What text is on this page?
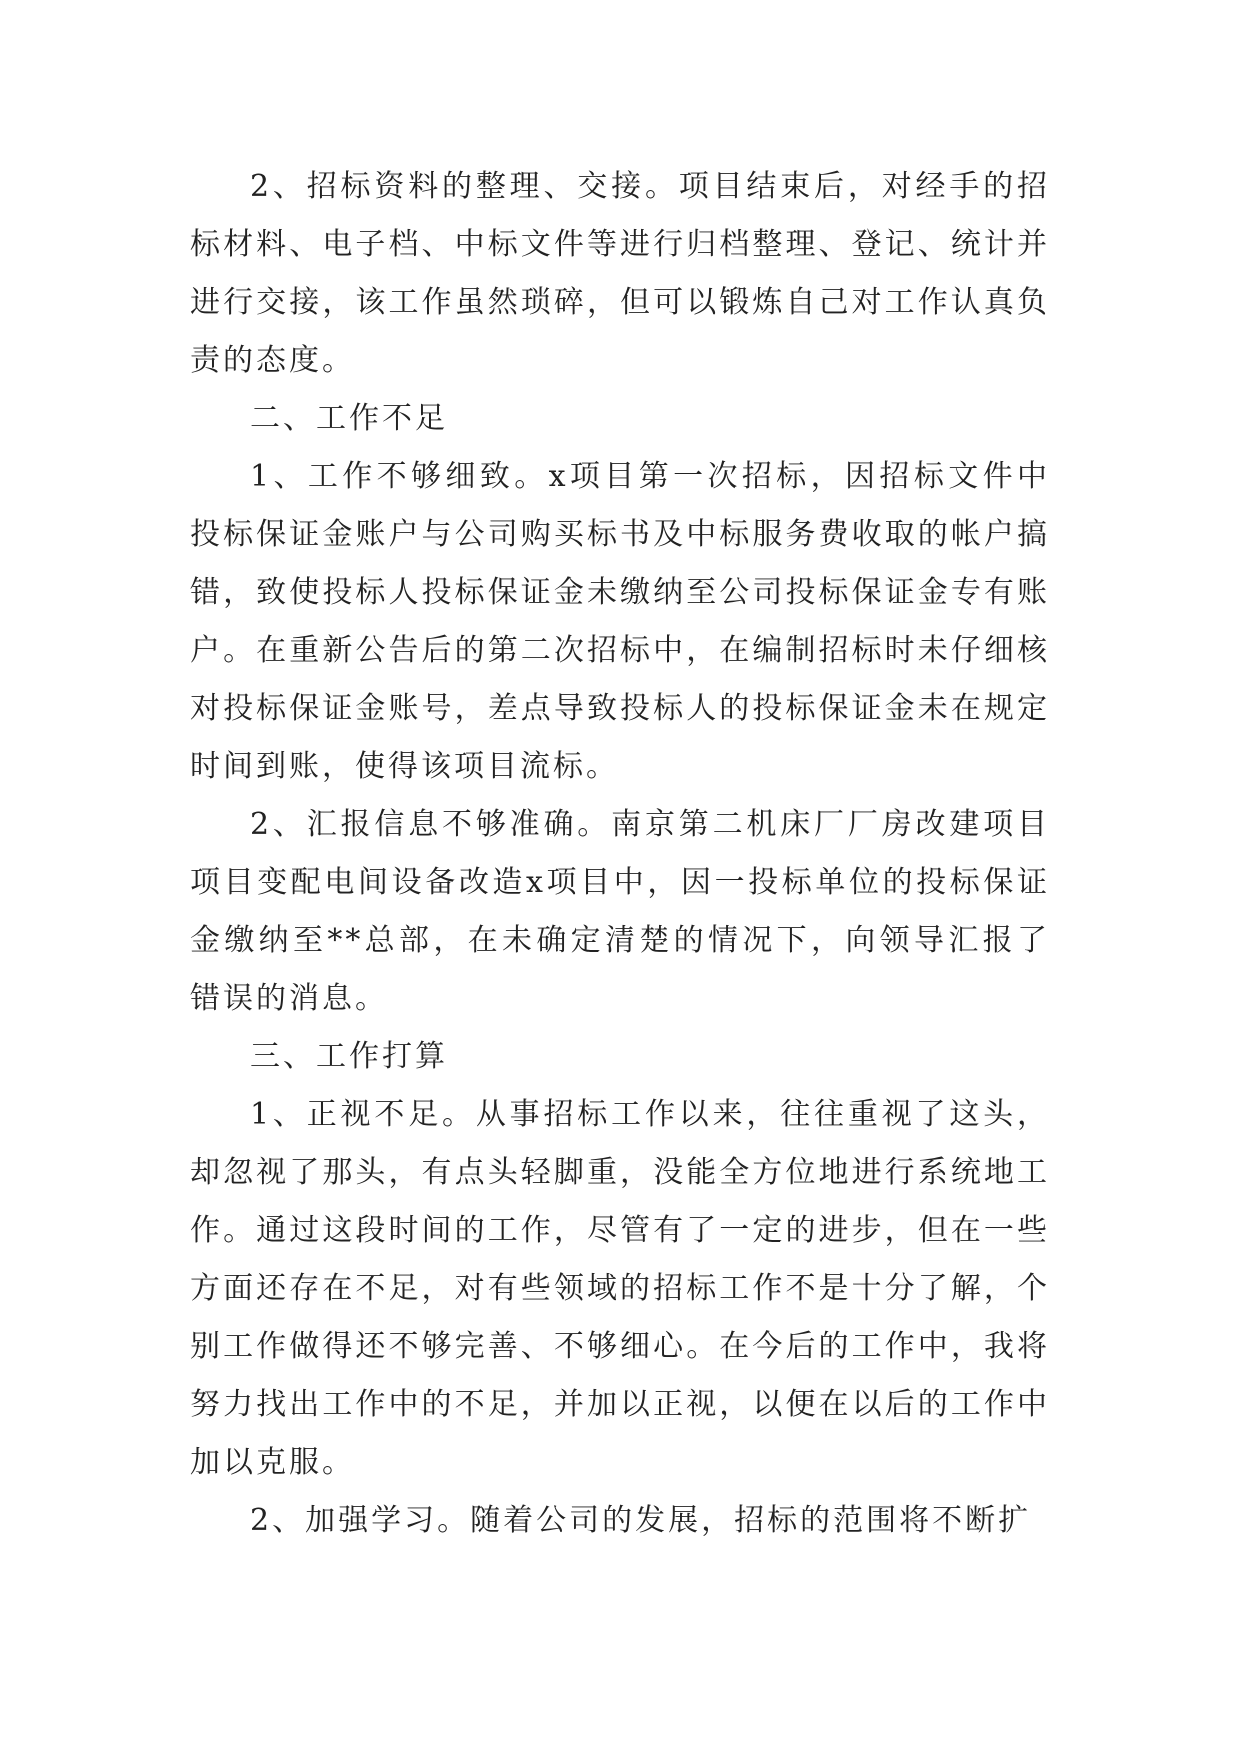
2、招标资料的整理、交接。项目结束后，对经手的招标材料、电子档、中标文件等进行归档整理、登记、统计并进行交接，该工作虽然琐碎，但可以锻炼自己对工作认真负责的态度。

二、工作不足

1、工作不够细致。x项目第一次招标，因招标文件中投标保证金账户与公司购买标书及中标服务费收取的帐户搞错，致使投标人投标保证金未缴纳至公司投标保证金专有账户。在重新公告后的第二次招标中，在编制招标时未仔细核对投标保证金账号，差点导致投标人的投标保证金未在规定时间到账，使得该项目流标。

2、汇报信息不够准确。南京第二机床厂厂房改建项目项目变配电间设备改造x项目中，因一投标单位的投标保证金缴纳至**总部，在未确定清楚的情况下，向领导汇报了错误的消息。

三、工作打算

1、正视不足。从事招标工作以来，往往重视了这头，却忽视了那头，有点头轻脚重，没能全方位地进行系统地工作。通过这段时间的工作，尽管有了一定的进步，但在一些方面还存在不足，对有些领域的招标工作不是十分了解，个别工作做得还不够完善、不够细心。在今后的工作中，我将努力找出工作中的不足，并加以正视，以便在以后的工作中加以克服。

2、加强学习。随着公司的发展，招标的范围将不断扩
